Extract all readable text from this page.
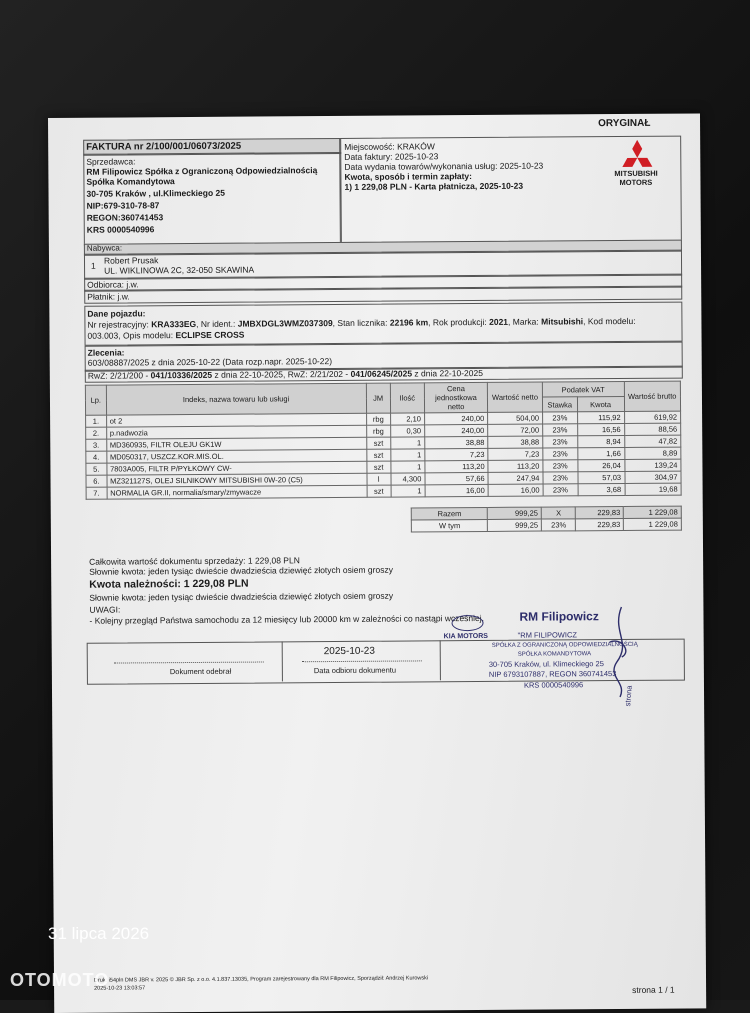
ORYGINAŁ
FAKTURA nr 2/100/001/06073/2025
Sprzedawca:
RM Filipowicz Spółka z Ograniczoną Odpowiedzialnością
Spółka Komandytowa
30-705 Kraków , ul.Klimeckiego 25
NIP:679-310-78-87
REGON:360741453
KRS 0000540996
Miejscowość: KRAKÓW
Data faktury: 2025-10-23
Data wydania towarów/wykonania usług: 2025-10-23
Kwota, sposób i termin zapłaty:
1) 1 229,08 PLN - Karta płatnicza, 2025-10-23
MITSUBISHI
MOTORS
Nabywca:
1
Robert Prusak
UL. WIKLINOWA 2C, 32-050 SKAWINA
Odbiorca: j.w.
Płatnik: j.w.
Dane pojazdu:
Nr rejestracyjny: KRA333EG, Nr ident.: JMBXDGL3WMZ037309, Stan licznika: 22196 km, Rok produkcji: 2021, Marka: Mitsubishi, Kod modelu:
003.003, Opis modelu: ECLIPSE CROSS
Zlecenia:
603/08887/2025 z dnia 2025-10-22 (Data rozp.napr. 2025-10-22)
RwZ: 2/21/200 - 041/10336/2025 z dnia 22-10-2025, RwZ: 2/21/202 - 041/06245/2025 z dnia 22-10-2025
Lp.	Indeks, nazwa towaru lub usługi	JM	Ilość	Cena jednostkowa netto	Wartość netto	Podatek VAT		Wartość brutto
						Stawka	Kwota	
1.	ot 2	rbg	2,10	240,00	504,00	23%	115,92	619,92
2.	p.nadwozia	rbg	0,30	240,00	72,00	23%	16,56	88,56
3.	MD360935, FILTR OLEJU GK1W	szt	1	38,88	38,88	23%	8,94	47,82
4.	MD050317, USZCZ.KOR.MIS.OL.	szt	1	7,23	7,23	23%	1,66	8,89
5.	7803A005, FILTR P/PYŁKOWY CW-	szt	1	113,20	113,20	23%	26,04	139,24
6.	MZ321127S, OLEJ SILNIKOWY MITSUBISHI 0W-20 (C5)	l	4,300	57,66	247,94	23%	57,03	304,97
7.	NORMALIA GR.II, normalia/smary/zmywacze	szt	1	16,00	16,00	23%	3,68	19,68
Razem	999,25	X	229,83	1 229,08
W tym	999,25	23%	229,83	1 229,08
Całkowita wartość dokumentu sprzedaży: 1 229,08 PLN
Słownie kwota: jeden tysiąc dwieście dwadzieścia dziewięć złotych osiem groszy
Kwota należności: 1 229,08 PLN
Słownie kwota: jeden tysiąc dwieście dwadzieścia dziewięć złotych osiem groszy
UWAGI:
- Kolejny przegląd Państwa samochodu za 12 miesięcy lub 20000 km w zależności co nastąpi wcześniej.
Dokument odebrał
2025-10-23
Data odbioru dokumentu
RM Filipowicz
KIA MOTORS	"RM FILIPOWICZ
SPÓŁKA Z OGRANICZONĄ ODPOWIEDZIALNOŚCIĄ
SPÓŁKA KOMANDYTOWA
30-705 Kraków, ul. Klimeckiego 25
NIP 6793107887, REGON 360741453
KRS 0000540996
strona
Druk: i54pln DMS JBR v. 2025 © JBR Sp. z o.o. 4.1.837.13035, Program zarejestrowany dla RM Filipowicz, Sporządził: Andrzej Kurowski
2025-10-23 13:03:57	strona 1 / 1
31 lipca 2026
OTOMOTO
